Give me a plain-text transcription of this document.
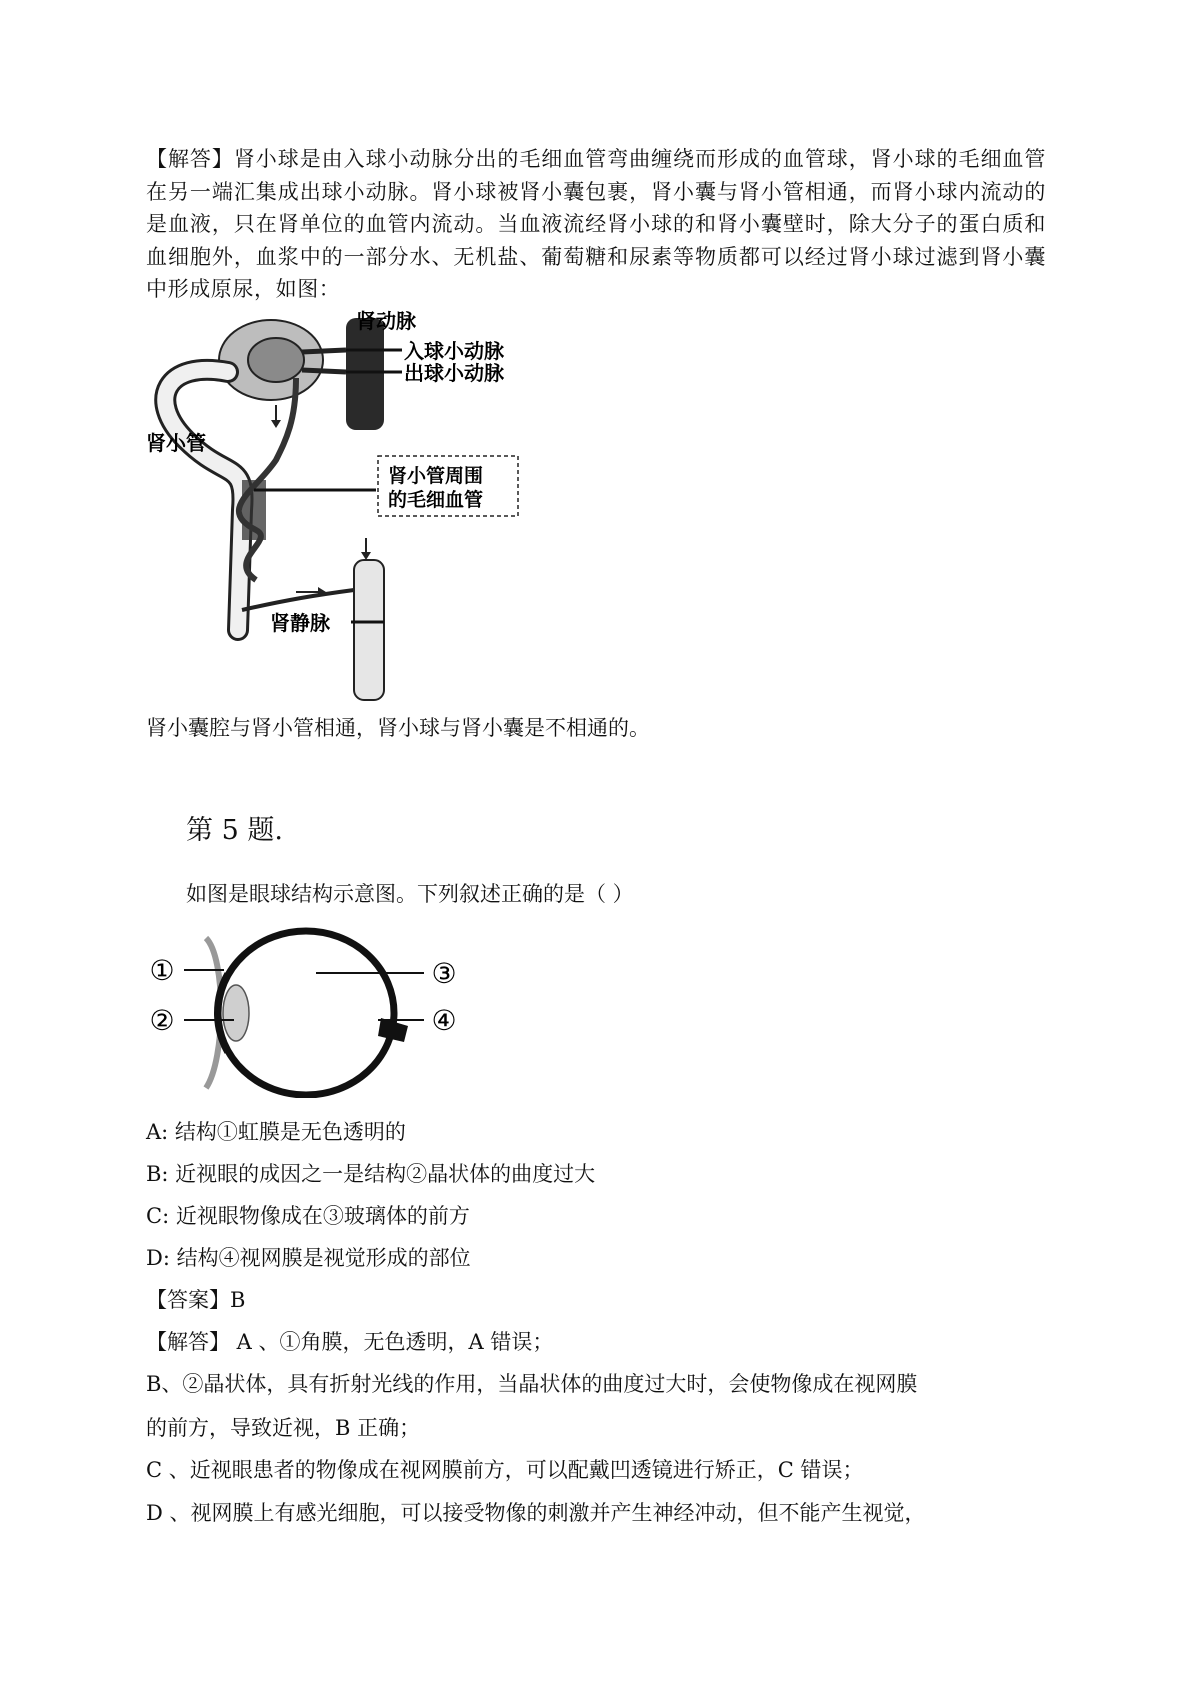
【解答】肾小球是由入球小动脉分出的毛细血管弯曲缠绕而形成的血管球，肾小球的毛细血管在另一端汇集成出球小动脉。肾小球被肾小囊包裹，肾小囊与肾小管相通，而肾小球内流动的是血液，只在肾单位的血管内流动。当血液流经肾小球的和肾小囊壁时，除大分子的蛋白质和血细胞外，血浆中的一部分水、无机盐、葡萄糖和尿素等物质都可以经过肾小球过滤到肾小囊中形成原尿，如图：

肾动脉
入球小动脉
出球小动脉
肾小管
肾小管周围
的毛细血管
肾静脉
肾小囊腔与肾小管相通，肾小球与肾小囊是不相通的。
第 5 题.
如图是眼球结构示意图。下列叙述正确的是（ ）
①
②
③
④
A: 结构①虹膜是无色透明的
B: 近视眼的成因之一是结构②晶状体的曲度过大
C: 近视眼物像成在③玻璃体的前方
D: 结构④视网膜是视觉形成的部位
【答案】B
【解答】 A 、①角膜，无色透明，A 错误；
B、②晶状体，具有折射光线的作用，当晶状体的曲度过大时，会使物像成在视网膜
的前方，导致近视，B 正确；
C 、近视眼患者的物像成在视网膜前方，可以配戴凹透镜进行矫正，C 错误；
D 、视网膜上有感光细胞，可以接受物像的刺激并产生神经冲动，但不能产生视觉，
